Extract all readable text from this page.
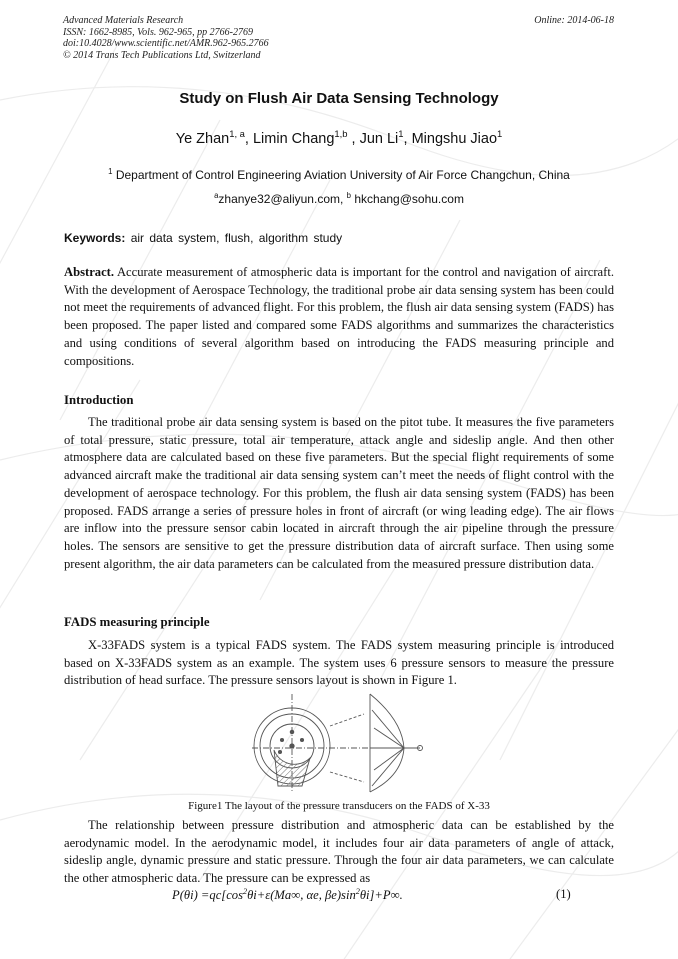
Advanced Materials Research
ISSN: 1662-8985, Vols. 962-965, pp 2766-2769
doi:10.4028/www.scientific.net/AMR.962-965.2766
© 2014 Trans Tech Publications Ltd, Switzerland
Online: 2014-06-18
Study on Flush Air Data Sensing Technology
Ye Zhan$^{1, a}$, Limin Chang$^{1,b}$ , Jun Li$^1$, Mingshu Jiao$^1$
$^1$ Department of Control Engineering Aviation University of Air Force Changchun, China
$^a$zhanye32@aliyun.com, $^b$ hkchang@sohu.com
Keywords: air data system, flush, algorithm study
Abstract. Accurate measurement of atmospheric data is important for the control and navigation of aircraft. With the development of Aerospace Technology, the traditional probe air data sensing system has been could not meet the requirements of advanced flight. For this problem, the flush air data sensing system (FADS) has been proposed. The paper listed and compared some FADS algorithms and summarizes the characteristics and using conditions of several algorithm based on introducing the FADS measuring principle and compositions.
Introduction
The traditional probe air data sensing system is based on the pitot tube. It measures the five parameters of total pressure, static pressure, total air temperature, attack angle and sideslip angle. And then other atmosphere data are calculated based on these five parameters. But the special flight requirements of some advanced aircraft make the traditional air data sensing system can’t meet the needs of flight control with the development of aerospace technology. For this problem, the flush air data sensing system (FADS) has been proposed. FADS arrange a series of pressure holes in front of aircraft (or wing leading edge). The air flows are inflow into the pressure sensor cabin located in aircraft through the air pipeline through the pressure holes. The sensors are sensitive to get the pressure distribution data of aircraft surface. Then using some present algorithm, the air data parameters can be calculated from the measured pressure distribution data.
FADS measuring principle
X-33FADS system is a typical FADS system. The FADS system measuring principle is introduced based on X-33FADS system as an example. The system uses 6 pressure sensors to measure the pressure distribution of head surface. The pressure sensors layout is shown in Figure 1.
Figure1 The layout of the pressure transducers on the FADS of X-33
The relationship between pressure distribution and atmospheric data can be established by the aerodynamic model. In the aerodynamic model, it includes four air data parameters of angle of attack, sideslip angle, dynamic pressure and static pressure. Through the four air data parameters, we can calculate the other atmospheric data. The pressure can be expressed as
$P(\theta i) =qc[\cos^2\theta i+\varepsilon(Ma\infty$, αe, $\beta e)\sin^2\theta i]+P\infty$.	(1)
